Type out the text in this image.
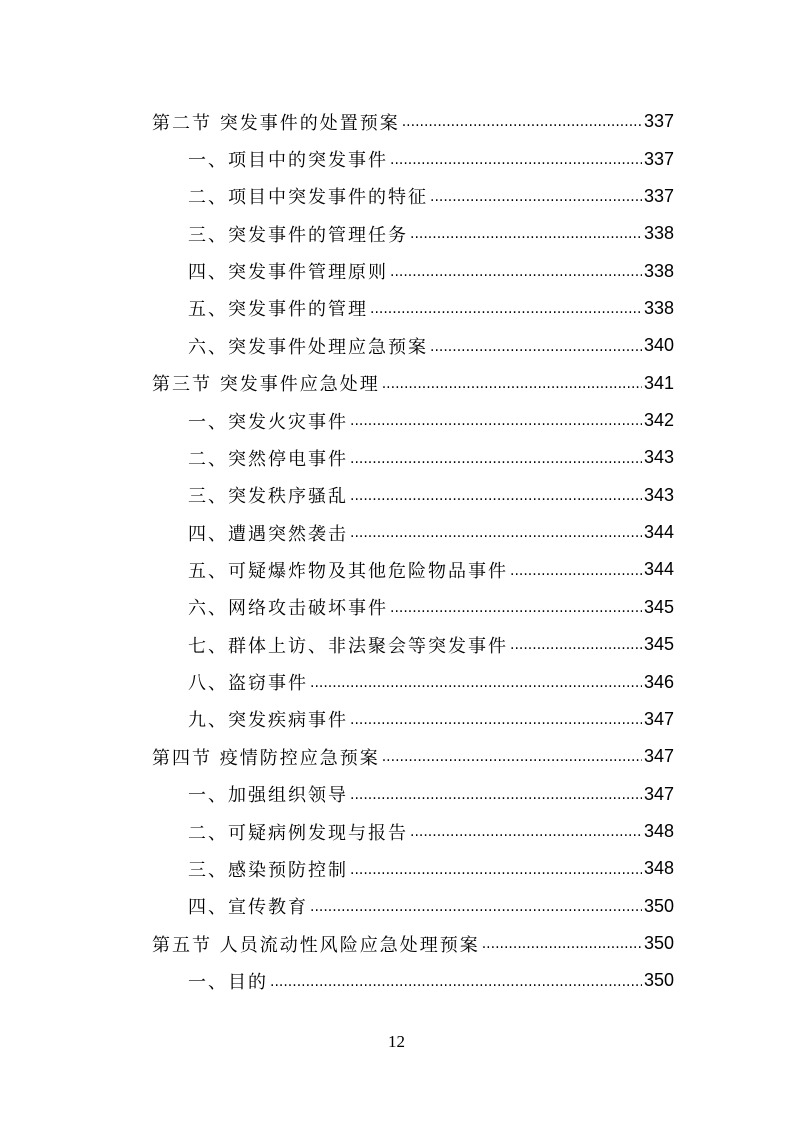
第二节 突发事件的处置预案 .....	337
一、项目中的突发事件 .....	337
二、项目中突发事件的特征 .....	337
三、突发事件的管理任务 .....	338
四、突发事件管理原则 .....	338
五、突发事件的管理 .....	338
六、突发事件处理应急预案 .....	340
第三节 突发事件应急处理 .....	341
一、突发火灾事件 .....	342
二、突然停电事件 .....	343
三、突发秩序骚乱 .....	343
四、遭遇突然袭击 .....	344
五、可疑爆炸物及其他危险物品事件 .....	344
六、网络攻击破坏事件 .....	345
七、群体上访、非法聚会等突发事件 .....	345
八、盗窃事件 .....	346
九、突发疾病事件 .....	347
第四节 疫情防控应急预案 .....	347
一、加强组织领导 .....	347
二、可疑病例发现与报告 .....	348
三、感染预防控制 .....	348
四、宣传教育 .....	350
第五节 人员流动性风险应急处理预案 .....	350
一、目的 .....	350
12
